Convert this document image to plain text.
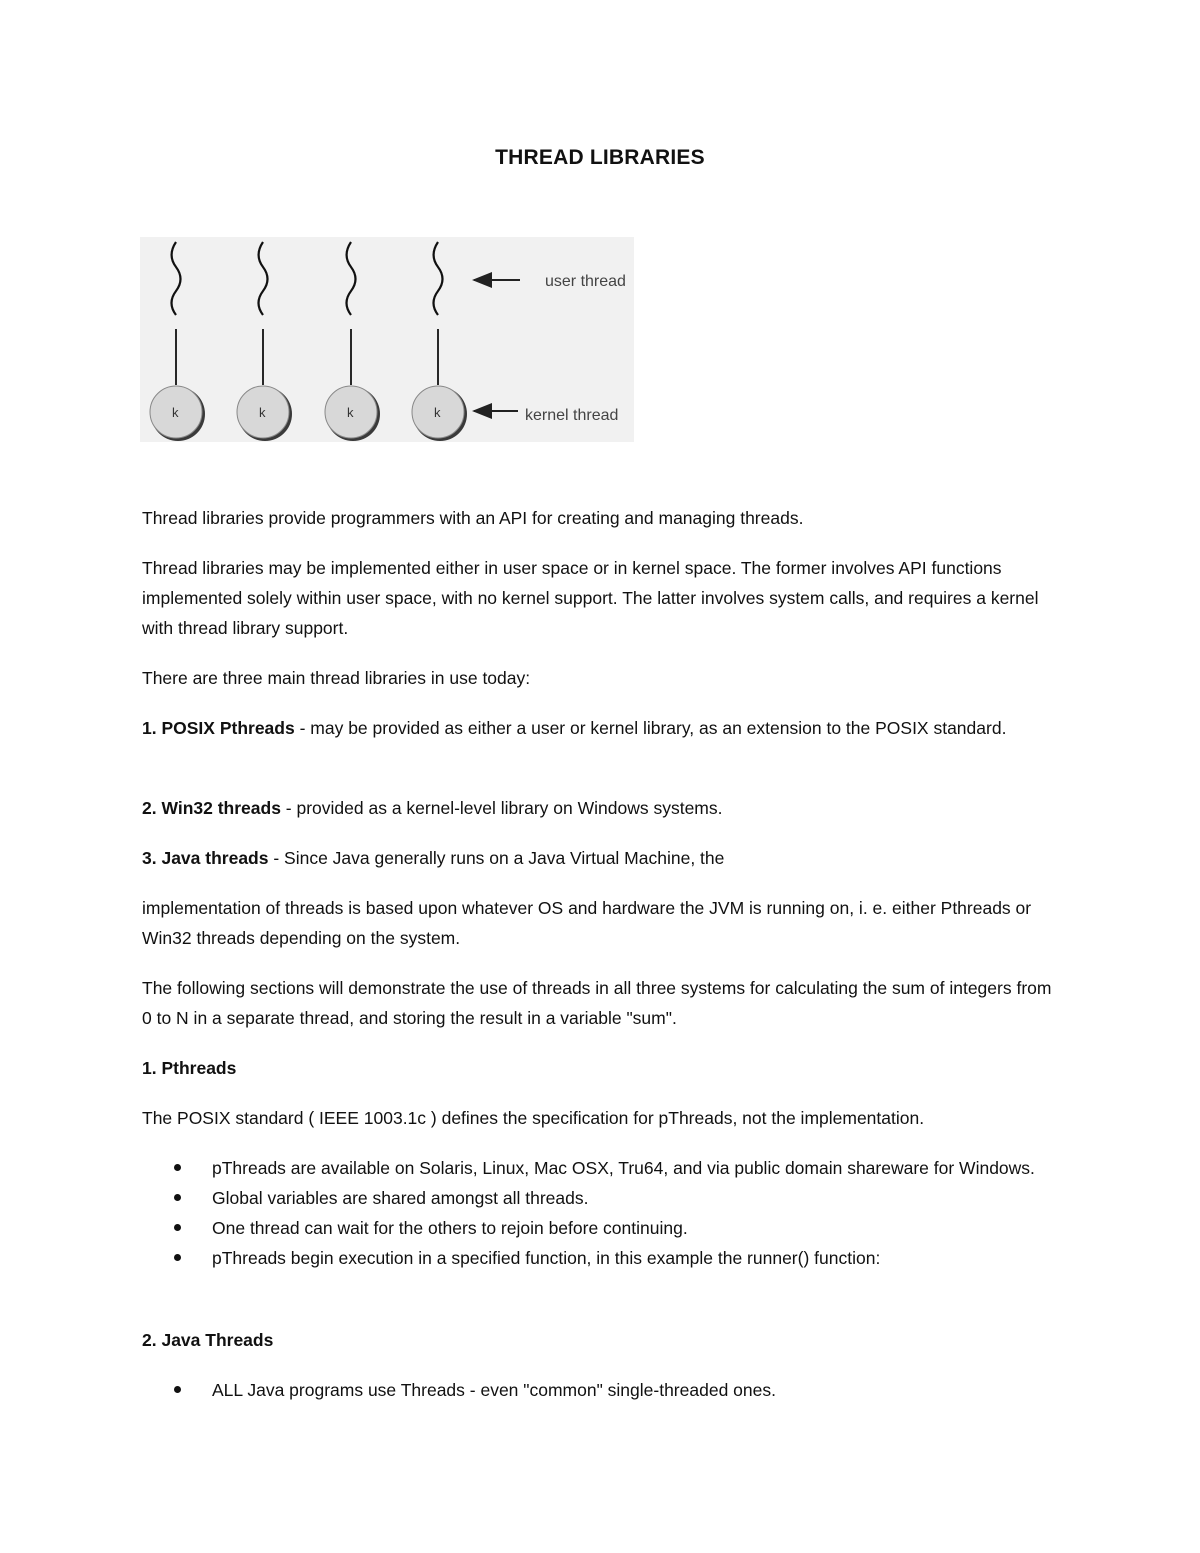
THREAD LIBRARIES
k	k	k	k
user thread
kernel thread

Thread libraries provide programmers with an API for creating and managing threads.

Thread libraries may be implemented either in user space or in kernel space. The former involves API functions implemented solely within user space, with no kernel support. The latter involves system calls, and requires a kernel with thread library support.

There are three main thread libraries in use today:

1. POSIX Pthreads - may be provided as either a user or kernel library, as an extension to the POSIX standard.

2. Win32 threads - provided as a kernel-level library on Windows systems.

3. Java threads - Since Java generally runs on a Java Virtual Machine, the

implementation of threads is based upon whatever OS and hardware the JVM is running on, i. e. either Pthreads or Win32 threads depending on the system.

The following sections will demonstrate the use of threads in all three systems for calculating the sum of integers from 0 to N in a separate thread, and storing the result in a variable "sum".

1. Pthreads

The POSIX standard ( IEEE 1003.1c ) defines the specification for pThreads, not the implementation.

pThreads are available on Solaris, Linux, Mac OSX, Tru64, and via public domain shareware for Windows.
Global variables are shared amongst all threads.
One thread can wait for the others to rejoin before continuing.
pThreads begin execution in a specified function, in this example the runner() function:

2. Java Threads

ALL Java programs use Threads - even "common" single-threaded ones.
